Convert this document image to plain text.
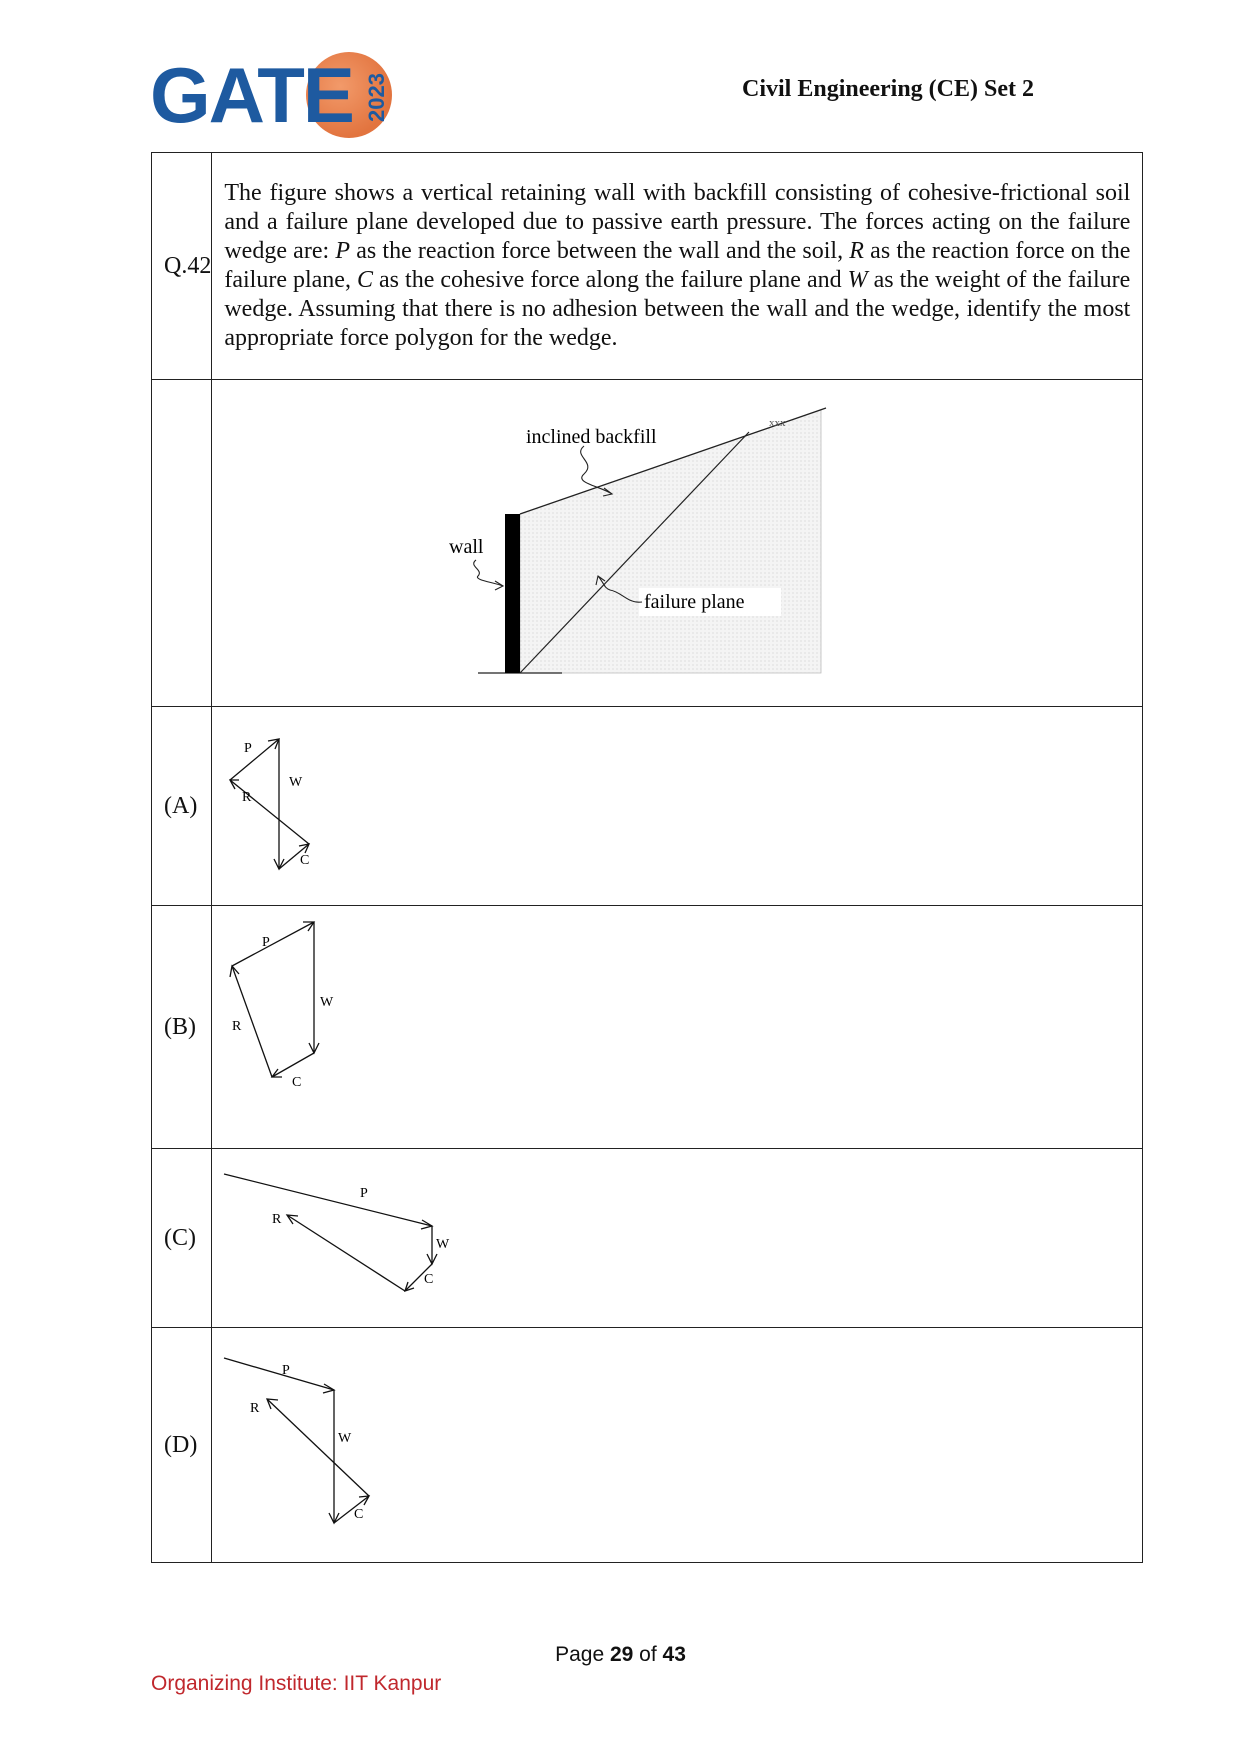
GATE 2023	Civil Engineering (CE) Set 2
Q.42	The figure shows a vertical retaining wall with backfill consisting of cohesive-frictional soil and a failure plane developed due to passive earth pressure. The forces acting on the failure wedge are: P as the reaction force between the wall and the soil, R as the reaction force on the failure plane, C as the cohesive force along the failure plane and W as the weight of the failure wedge. Assuming that there is no adhesion between the wall and the wedge, identify the most appropriate force polygon for the wedge.

xxx
inclined backfill
wall
failure plane

(A)	P
W
R
C

(B)	P
W
R
C

(C)	P
W
R
C

(D)	P
W
R
C
Page 29 of 43
Organizing Institute: IIT Kanpur
